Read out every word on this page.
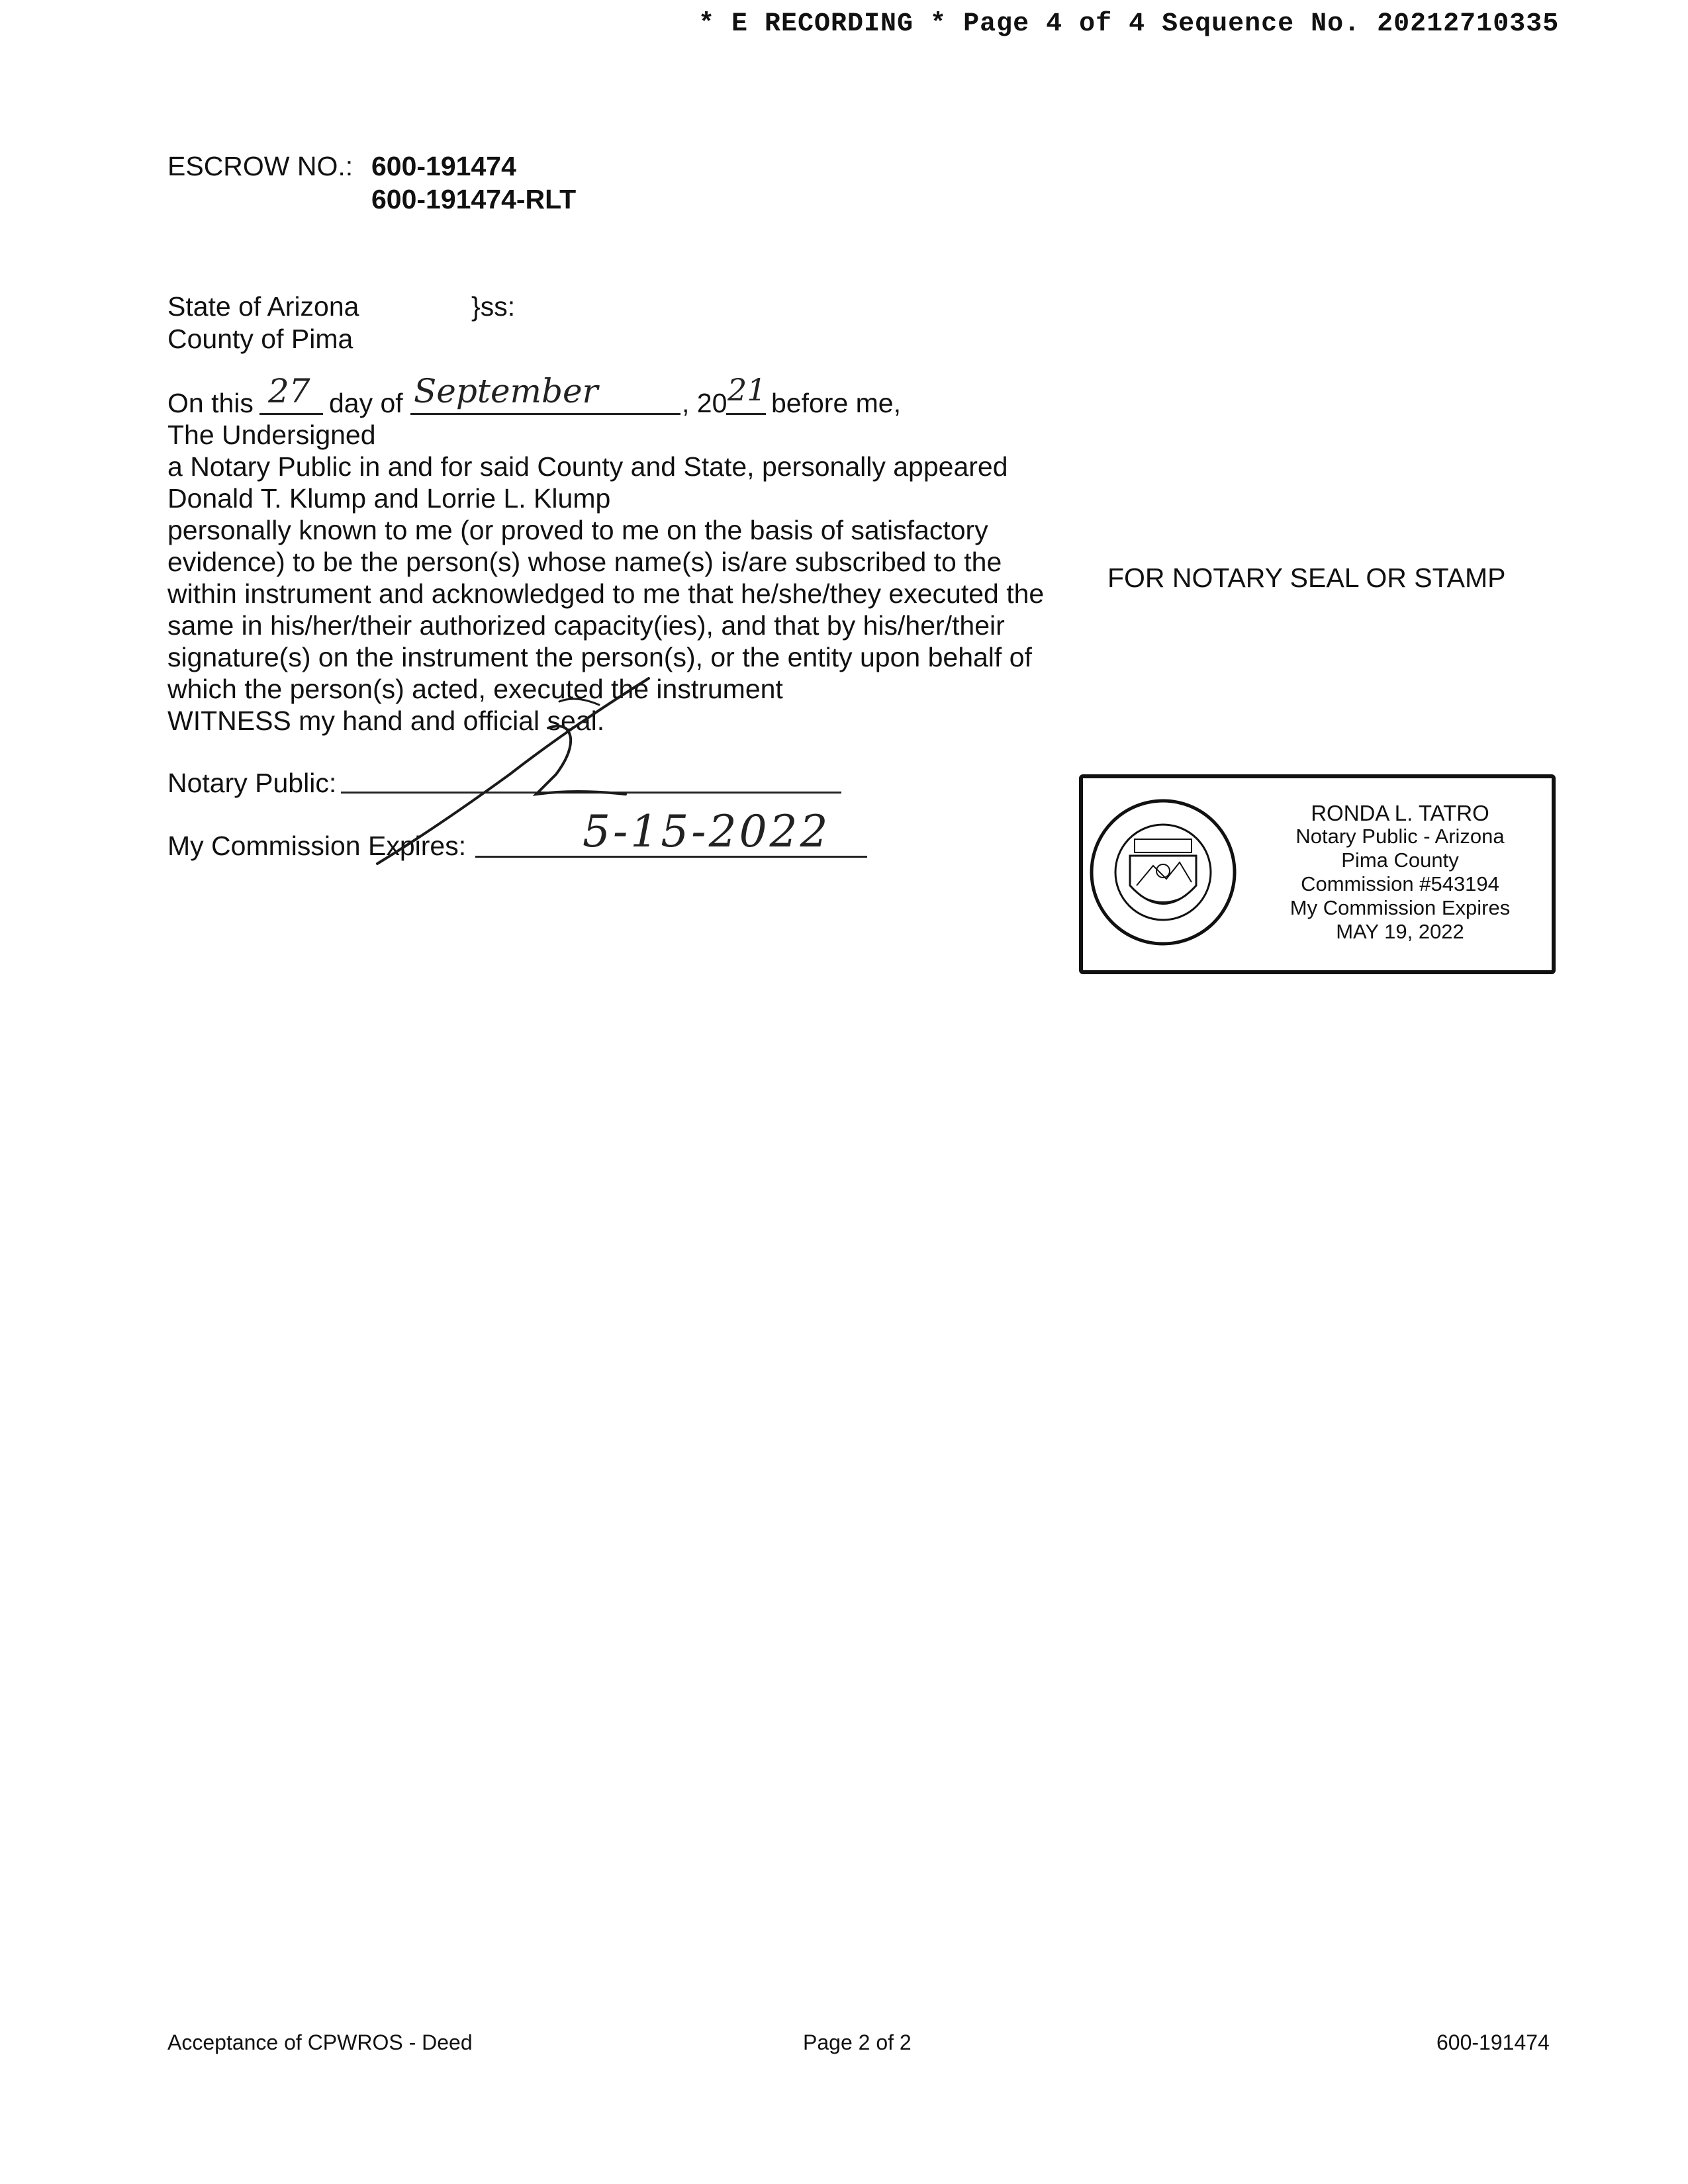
* E RECORDING * Page 4 of 4 Sequence No. 20212710335
ESCROW NO.: 600-191474
600-191474-RLT
State of Arizona	}ss:
County of Pima
On this 27 day of September	, 20 21 before me,
The Undersigned
a Notary Public in and for said County and State, personally appeared
Donald T. Klump and Lorrie L. Klump
personally known to me (or proved to me on the basis of satisfactory
evidence) to be the person(s) whose name(s) is/are subscribed to the
within instrument and acknowledged to me that he/she/they executed the
same in his/her/their authorized capacity(ies), and that by his/her/their
signature(s) on the instrument the person(s), or the entity upon behalf of
which the person(s) acted, executed the instrument
WITNESS my hand and official seal.
Notary Public:
My Commission Expires:	5-15-2022
FOR NOTARY SEAL OR STAMP
RONDA L. TATRO
Notary Public - Arizona
Pima County
Commission #543194
My Commission Expires
MAY 19, 2022
Acceptance of CPWROS - Deed	Page 2 of 2	600-191474
